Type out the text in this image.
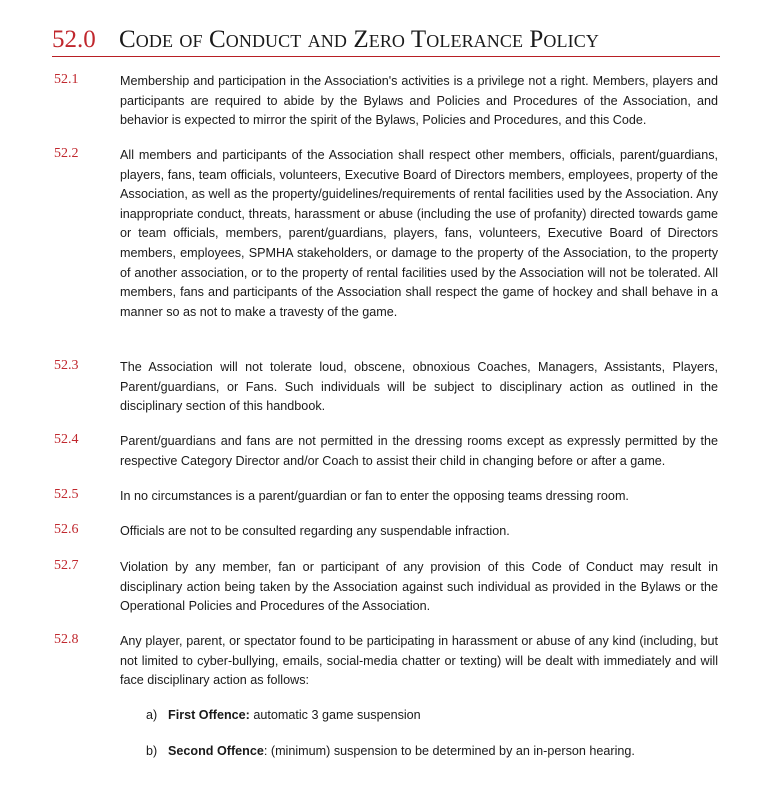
52.0 Code of Conduct and Zero Tolerance Policy
52.1	Membership and participation in the Association's activities is a privilege not a right. Members, players and participants are required to abide by the Bylaws and Policies and Procedures of the Association, and behavior is expected to mirror the spirit of the Bylaws, Policies and Procedures, and this Code.
52.2	All members and participants of the Association shall respect other members, officials, parent/guardians, players, fans, team officials, volunteers, Executive Board of Directors members, employees, property of the Association, as well as the property/guidelines/requirements of rental facilities used by the Association. Any inappropriate conduct, threats, harassment or abuse (including the use of profanity) directed towards game or team officials, members, parent/guardians, players, fans, volunteers, Executive Board of Directors members, employees, SPMHA stakeholders, or damage to the property of the Association, to the property of another association, or to the property of rental facilities used by the Association will not be tolerated. All members, fans and participants of the Association shall respect the game of hockey and shall behave in a manner so as not to make a travesty of the game.
52.3	The Association will not tolerate loud, obscene, obnoxious Coaches, Managers, Assistants, Players, Parent/guardians, or Fans. Such individuals will be subject to disciplinary action as outlined in the disciplinary section of this handbook.
52.4	Parent/guardians and fans are not permitted in the dressing rooms except as expressly permitted by the respective Category Director and/or Coach to assist their child in changing before or after a game.
52.5	In no circumstances is a parent/guardian or fan to enter the opposing teams dressing room.
52.6	Officials are not to be consulted regarding any suspendable infraction.
52.7	Violation by any member, fan or participant of any provision of this Code of Conduct may result in disciplinary action being taken by the Association against such individual as provided in the Bylaws or the Operational Policies and Procedures of the Association.
52.8	Any player, parent, or spectator found to be participating in harassment or abuse of any kind (including, but not limited to cyber-bullying, emails, social-media chatter or texting) will be dealt with immediately and will face disciplinary action as follows:
a) First Offence: automatic 3 game suspension
b) Second Offence: (minimum) suspension to be determined by an in-person hearing.
